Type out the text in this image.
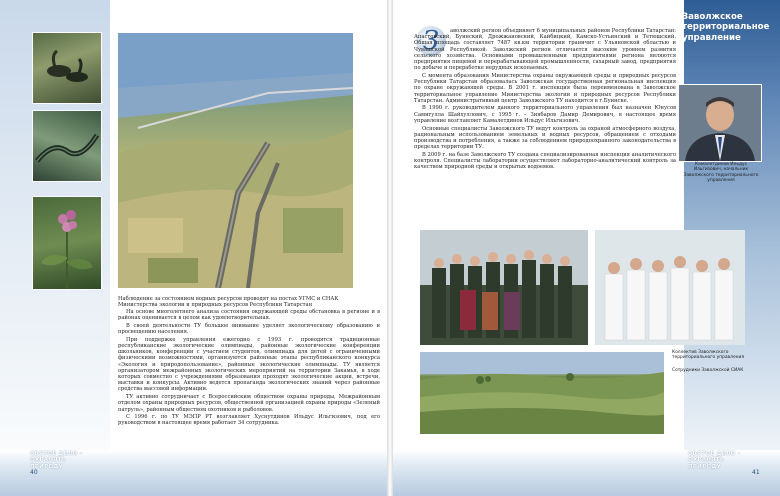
Наблюдение за состоянием водных ресурсов проводят на постах УГМС и СНАК Министерства экологии и природных ресурсов Республики Татарстан

На основе многолетнего анализа состояния окружающей среды обстановка в регионе и в районах оценивается в целом как удовлетворительная.

В своей деятельности ТУ большое внимание уделяет экологическому образованию и просвещению населения.

При поддержке управления ежегодно с 1993 г. проводятся традиционные республиканские экологические олимпиады, районные экологические конференции школьников, конференции с участием студентов, олимпиада для детей с ограниченными физическими возможностями, организуются районные этапы республиканского конкурса «Экология и природопользование», районные экологические олимпиады. ТУ является организатором межрайонных экологических мероприятий на территории Закамья, в ходе которых совместно с учреждениями образования проходят экологические акции, встречи, выставки и конкурсы. Активно ведется пропаганда экологических знаний через районные средства массовой информации.

ТУ активно сотрудничает с Всероссийским обществом охраны природы, Межрайонным отделом охраны природных ресурсов, общественной организацией охраны природы «Зеленый патруль», районным обществом охотников и рыболовов.

С 1996 г. по ТУ МЭПР РТ возглавляет Хуснутдинов Ильдус Ильгизович, под его руководством в настоящее время работает 34 сотрудника.

СВЯТОЕ ДЕЛО – ОХРАНЯТЬ ПРИРОДУ
40
Заволжское территориальное управление
Камалетдинов Ильдус Ильгизович, начальник Заволжского территориального управления
З	аволжский регион объединяет 6 муниципальных районов Республики Татарстан: Апастовский, Буинский, Дрожжановский, Кайбицкий, Камско-Устьинский и Тетюшский. Общая площадь составляет 7487 кв.км территории граничит с Ульяновской областью и Чувашской Республикой. Заволжский регион отличается высоким уровнем развития сельского хозяйства. Основными промышленными предприятиями региона являются предприятия пищевой и перерабатывающей промышленности, сахарный завод, предприятия по добыче и переработке нерудных ископаемых.

С момента образования Министерства охраны окружающей среды и природных ресурсов Республики Татарстан образовалась Заволжская государственная региональная инспекция по охране окружающей среды. В 2001 г. инспекция была переименована в Заволжское территориальное управление Министерства экологии и природных ресурсов Республики Татарстан. Административный центр Заволжского ТУ находится в г.Буинске.

В 1990 г. руководителем данного территориального управления был назначен Юнусов Самигулла Шайхуллович, с 1995 г. – Зиябаров Дамир Демирович, в настоящее время управление возглавляет Камалетдинов Ильдус Ильгизович.

Основные специалисты Заволжского ТУ ведут контроль за охраной атмосферного воздуха, рациональным использованием земельных и водных ресурсов, обращением с отходами производства и потребления, а также за соблюдением природоохранного законодательства в пределах территории ТУ.

В 2009 г. на базе Заволжского ТУ создана специализированная инспекция аналитического контроля. Специалисты лаборатории осуществляют лабораторно-аналитический контроль за качеством природной среды и открытых водоемов.

Коллектив Заволжского территориального управления
Сотрудники Заволжской СИАК
СВЯТОЕ ДЕЛО – ОХРАНЯТЬ ПРИРОДУ
41
